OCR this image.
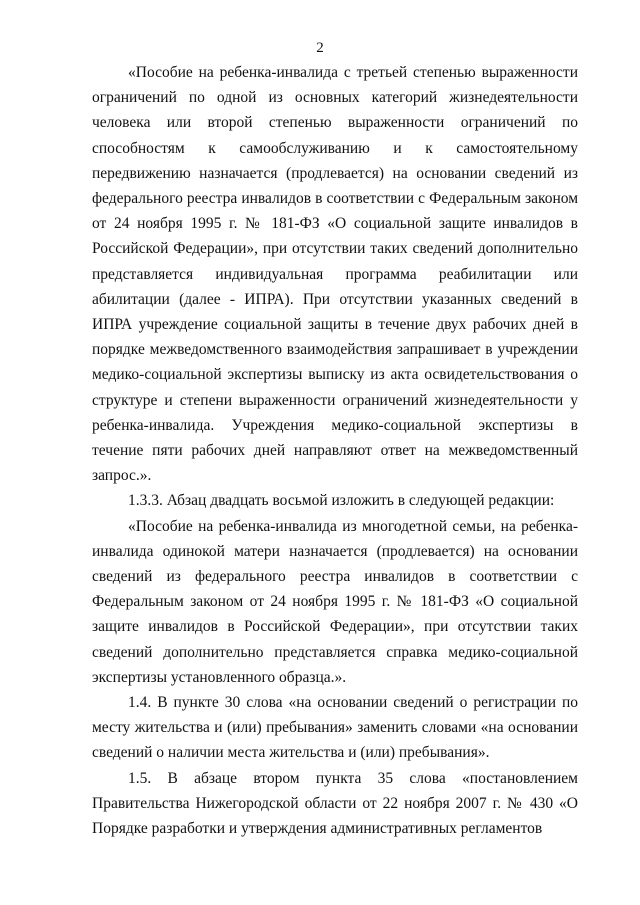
2

«Пособие на ребенка-инвалида с третьей степенью выраженности ограничений по одной из основных категорий жизнедеятельности человека или второй степенью выраженности ограничений по способностям к самообслуживанию и к самостоятельному передвижению назначается (продлевается) на основании сведений из федерального реестра инвалидов в соответствии с Федеральным законом от 24 ноября 1995 г. № 181-ФЗ «О социальной защите инвалидов в Российской Федерации», при отсутствии таких сведений дополнительно представляется индивидуальная программа реабилитации или абилитации (далее - ИПРА). При отсутствии указанных сведений в ИПРА учреждение социальной защиты в течение двух рабочих дней в порядке межведомственного взаимодействия запрашивает в учреждении медико-социальной экспертизы выписку из акта освидетельствования о структуре и степени выраженности ограничений жизнедеятельности у ребенка-инвалида. Учреждения медико-социальной экспертизы в течение пяти рабочих дней направляют ответ на межведомственный запрос.».

1.3.3. Абзац двадцать восьмой изложить в следующей редакции:

«Пособие на ребенка-инвалида из многодетной семьи, на ребенка-инвалида одинокой матери назначается (продлевается) на основании сведений из федерального реестра инвалидов в соответствии с Федеральным законом от 24 ноября 1995 г. № 181-ФЗ «О социальной защите инвалидов в Российской Федерации», при отсутствии таких сведений дополнительно представляется справка медико-социальной экспертизы установленного образца.».

1.4. В пункте 30 слова «на основании сведений о регистрации по месту жительства и (или) пребывания» заменить словами «на основании сведений о наличии места жительства и (или) пребывания».

1.5. В абзаце втором пункта 35 слова «постановлением Правительства Нижегородской области от 22 ноября 2007 г. № 430 «О Порядке разработки и утверждения административных регламентов
